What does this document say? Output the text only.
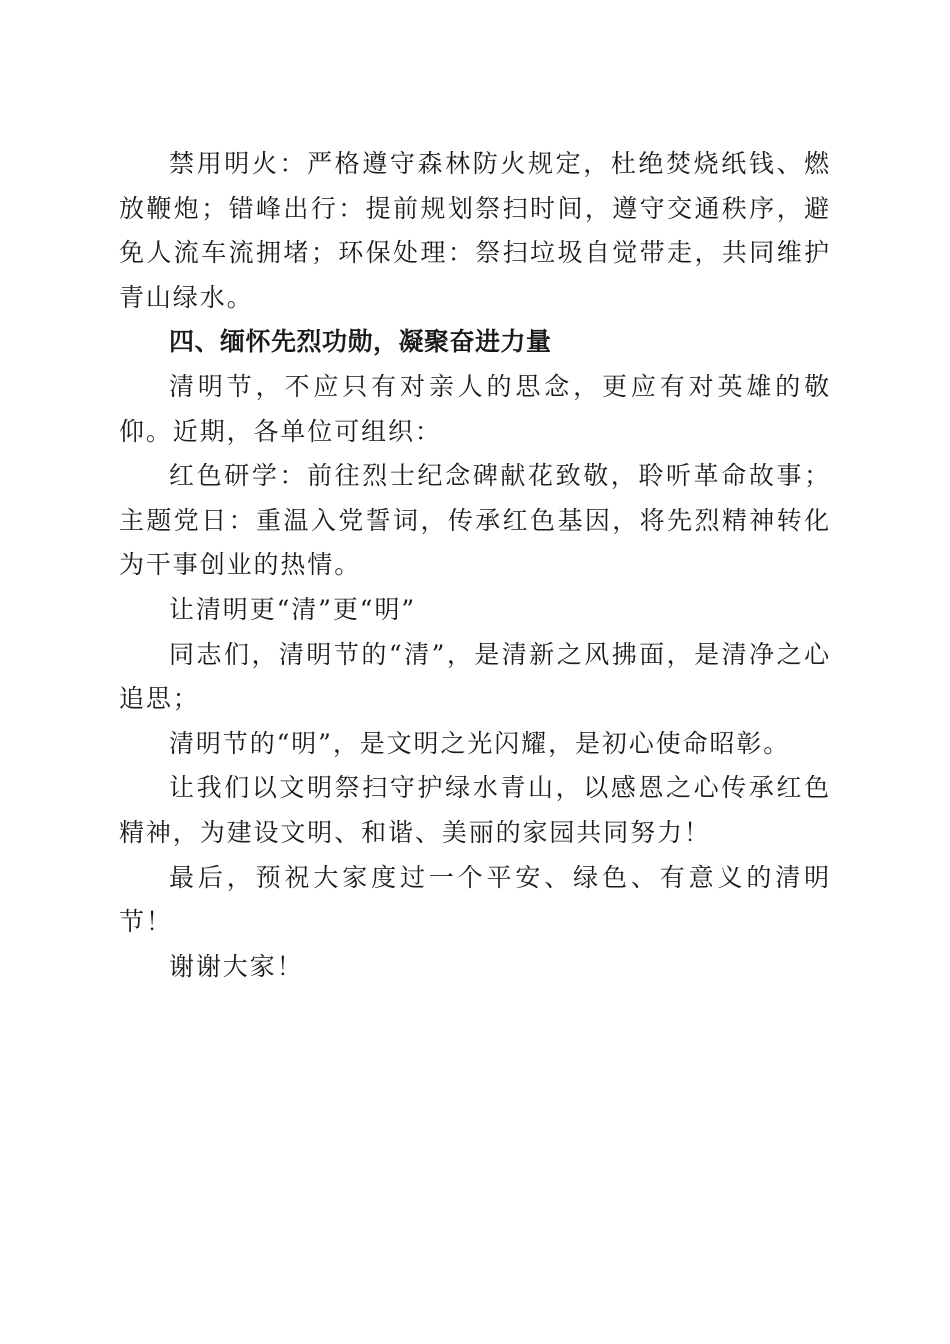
禁用明火：严格遵守森林防火规定，杜绝焚烧纸钱、燃放鞭炮；错峰出行：提前规划祭扫时间，遵守交通秩序，避免人流车流拥堵；环保处理：祭扫垃圾自觉带走，共同维护青山绿水。

四、缅怀先烈功勋，凝聚奋进力量

清明节，不应只有对亲人的思念，更应有对英雄的敬仰。近期，各单位可组织：

红色研学：前往烈士纪念碑献花致敬，聆听革命故事；主题党日：重温入党誓词，传承红色基因，将先烈精神转化为干事创业的热情。

让清明更“清”更“明”

同志们，清明节的“清”，是清新之风拂面，是清净之心追思；

清明节的“明”，是文明之光闪耀，是初心使命昭彰。

让我们以文明祭扫守护绿水青山，以感恩之心传承红色精神，为建设文明、和谐、美丽的家园共同努力！

最后，预祝大家度过一个平安、绿色、有意义的清明节！

谢谢大家！
